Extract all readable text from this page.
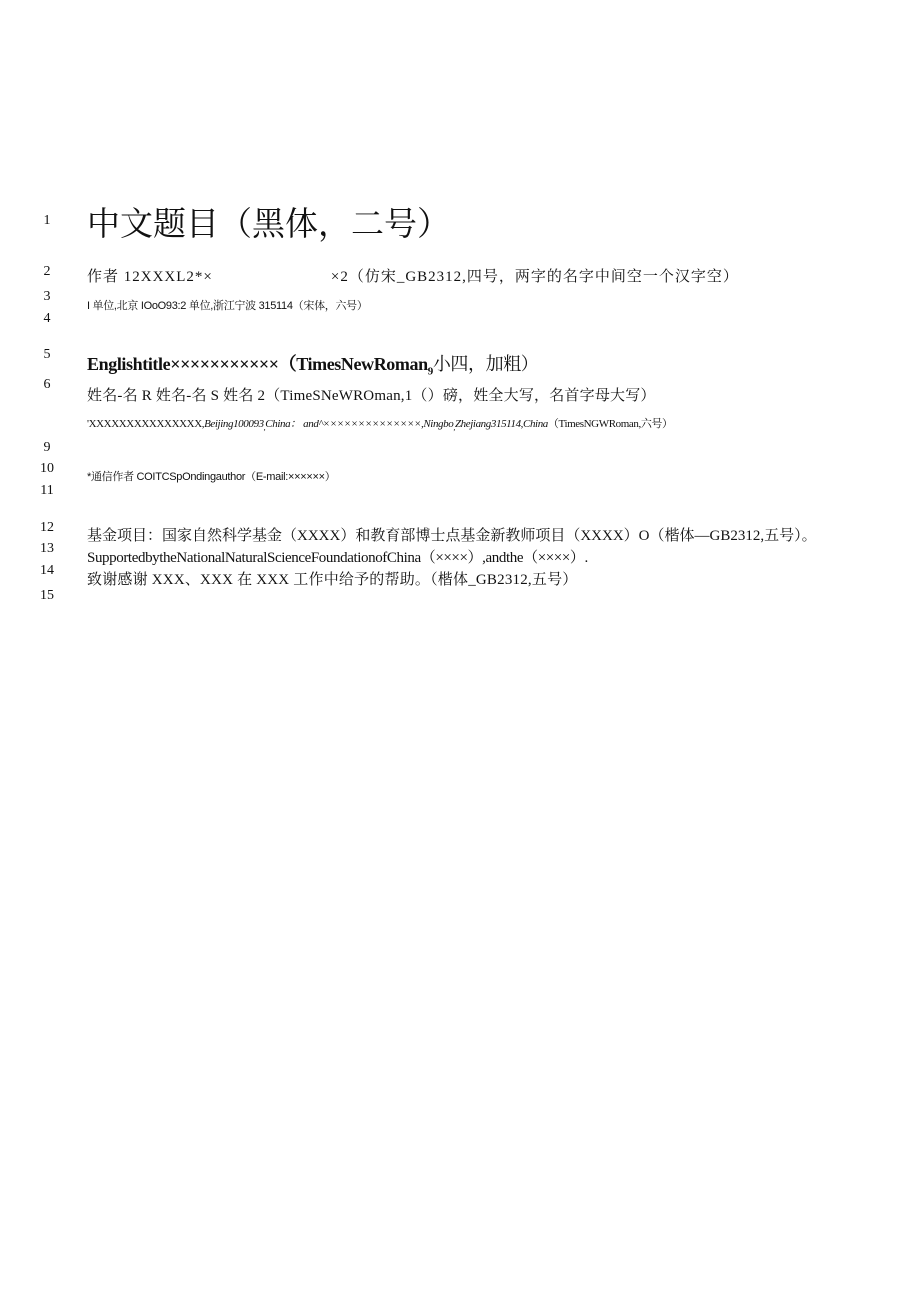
1
2
3
4
5
6
9
10
11
12
13
14
15
中文题目（黑体，二号）
作者 12XXXL2*×	×2（仿宋_GB2312,四号，两字的名字中间空一个汉字空）
I 单位,北京 IOoO93:2 单位,浙江宁波 315114（宋体，六号）
Englishtitle×××××××××××（TimesNewRoman$_9$小四，加粗）
姓名-名 R 姓名-名 S 姓名 2（TimeSNeWROman,1（）磅，姓全大写，名首字母大写）
'$XXXXXXXXXXXXXXX,Beijing100093_,China$： and^××××××××××××××,Ningbo$_,$Zhejiang315114,China（TimesNGWRoman,六号）
*通信作者 COITCSpOndingauthor（E-mail:××××××）
基金项目：国家自然科学基金（XXXX）和教育部博士点基金新教师项目（XXXX）O（楷体—GB2312,五号）。
SupportedbytheNationalNaturalScienceFoundationofChina（××××）,andthe（××××）.
致谢感谢 XXX、XXX 在 XXX 工作中给予的帮助。（楷体_GB2312,五号）
